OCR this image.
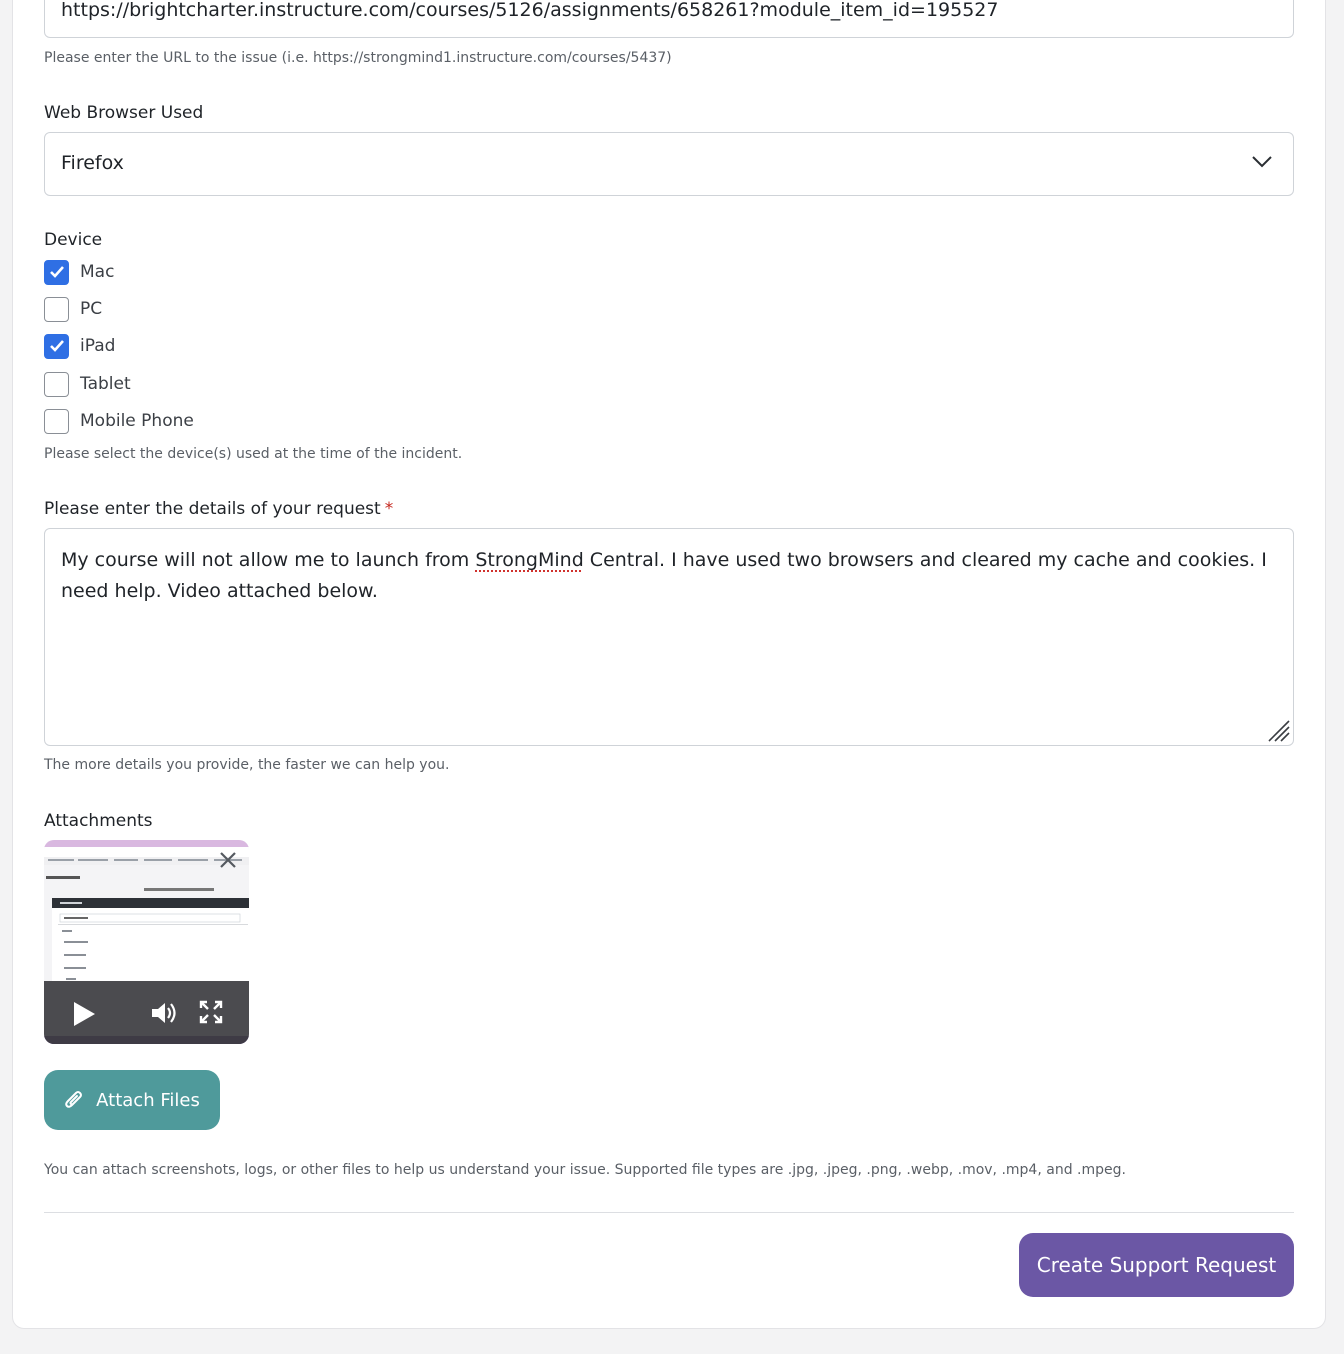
https://brightcharter.instructure.com/courses/5126/assignments/658261?module_item_id=195527
Please enter the URL to the issue (i.e. https://strongmind1.instructure.com/courses/5437)
Web Browser Used
Firefox
Device
Mac
PC
iPad
Tablet
Mobile Phone
Please select the device(s) used at the time of the incident.
Please enter the details of your request *
My course will not allow me to launch from StrongMind Central. I have used two browsers and cleared my cache and cookies. I need help. Video attached below.
The more details you provide, the faster we can help you.
Attachments
Attach Files
You can attach screenshots, logs, or other files to help us understand your issue. Supported file types are .jpg, .jpeg, .png, .webp, .mov, .mp4, and .mpeg.
Create Support Request
